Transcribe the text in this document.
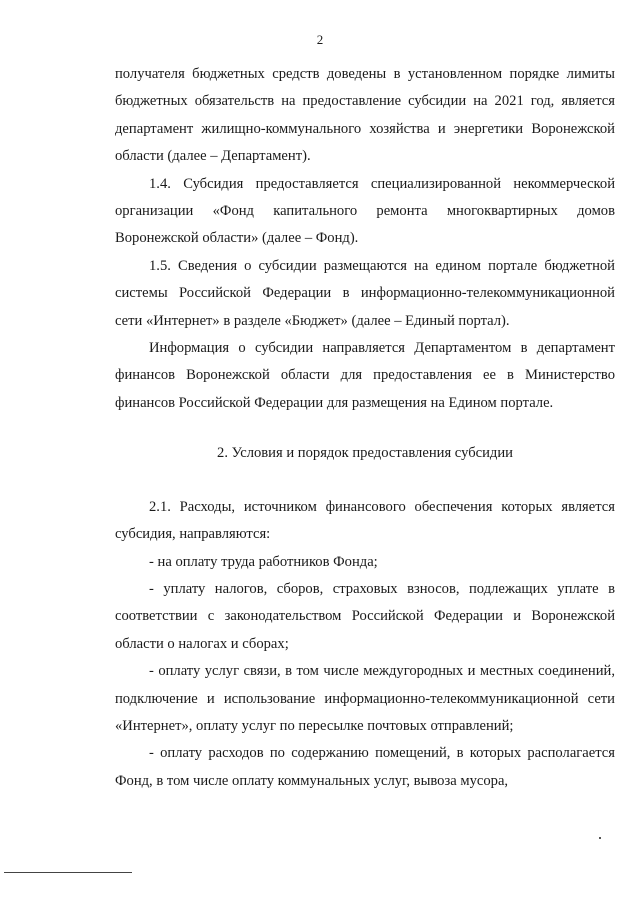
2

получателя бюджетных средств доведены в установленном порядке лимиты бюджетных обязательств на предоставление субсидии на 2021 год, является департамент жилищно-коммунального хозяйства и энергетики Воронежской области (далее – Департамент).

1.4. Субсидия предоставляется специализированной некоммерческой организации «Фонд капитального ремонта многоквартирных домов Воронежской области» (далее – Фонд).

1.5. Сведения о субсидии размещаются на едином портале бюджетной системы Российской Федерации в информационно-телекоммуникационной сети «Интернет» в разделе «Бюджет» (далее – Единый портал).

Информация о субсидии направляется Департаментом в департамент финансов Воронежской области для предоставления ее в Министерство финансов Российской Федерации для размещения на Едином портале.

2. Условия и порядок предоставления субсидии

2.1. Расходы, источником финансового обеспечения которых является субсидия, направляются:

- на оплату труда работников Фонда;

- уплату налогов, сборов, страховых взносов, подлежащих уплате в соответствии с законодательством Российской Федерации и Воронежской области о налогах и сборах;

- оплату услуг связи, в том числе междугородных и местных соединений, подключение и использование информационно-телекоммуникационной сети «Интернет», оплату услуг по пересылке почтовых отправлений;

- оплату расходов по содержанию помещений, в которых располагается Фонд, в том числе оплату коммунальных услуг, вывоза мусора,
